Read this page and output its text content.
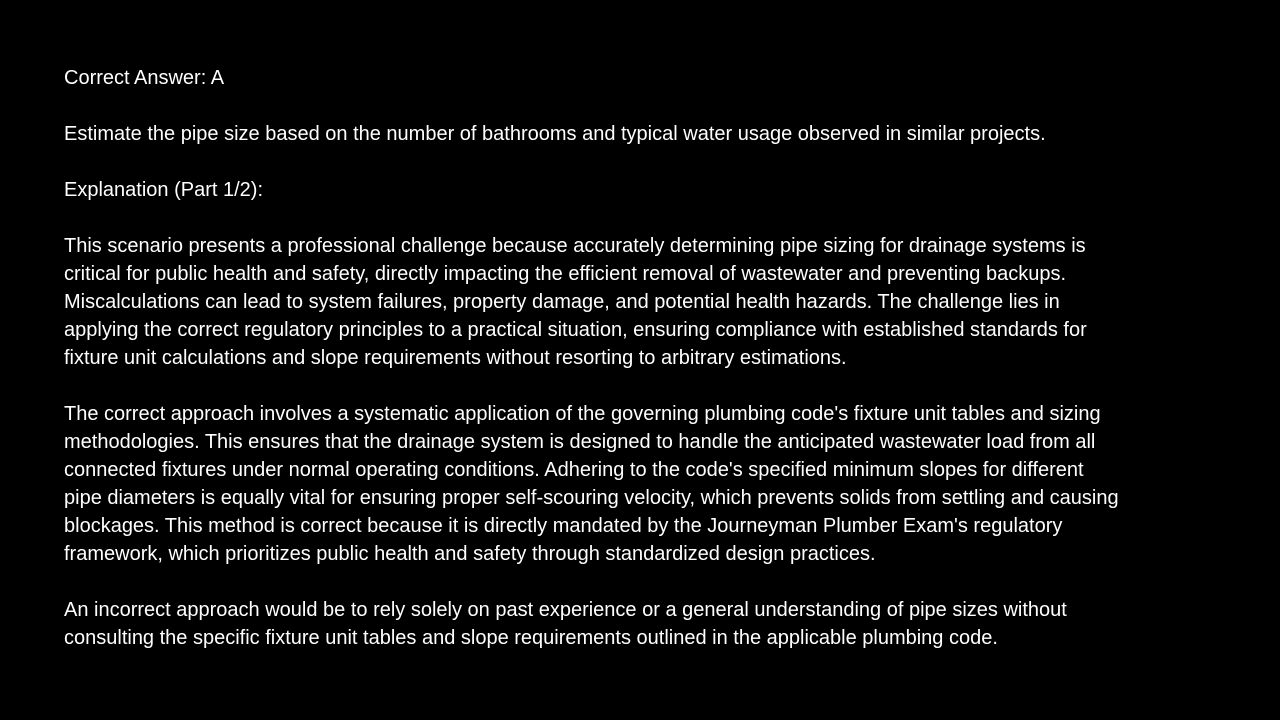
Correct Answer: A

Estimate the pipe size based on the number of bathrooms and typical water usage observed in similar projects.

Explanation (Part 1/2):

This scenario presents a professional challenge because accurately determining pipe sizing for drainage systems is

critical for public health and safety, directly impacting the efficient removal of wastewater and preventing backups.

Miscalculations can lead to system failures, property damage, and potential health hazards. The challenge lies in

applying the correct regulatory principles to a practical situation, ensuring compliance with established standards for

fixture unit calculations and slope requirements without resorting to arbitrary estimations.

The correct approach involves a systematic application of the governing plumbing code's fixture unit tables and sizing

methodologies. This ensures that the drainage system is designed to handle the anticipated wastewater load from all

connected fixtures under normal operating conditions. Adhering to the code's specified minimum slopes for different

pipe diameters is equally vital for ensuring proper self-scouring velocity, which prevents solids from settling and causing

blockages. This method is correct because it is directly mandated by the Journeyman Plumber Exam's regulatory

framework, which prioritizes public health and safety through standardized design practices.

An incorrect approach would be to rely solely on past experience or a general understanding of pipe sizes without

consulting the specific fixture unit tables and slope requirements outlined in the applicable plumbing code.
